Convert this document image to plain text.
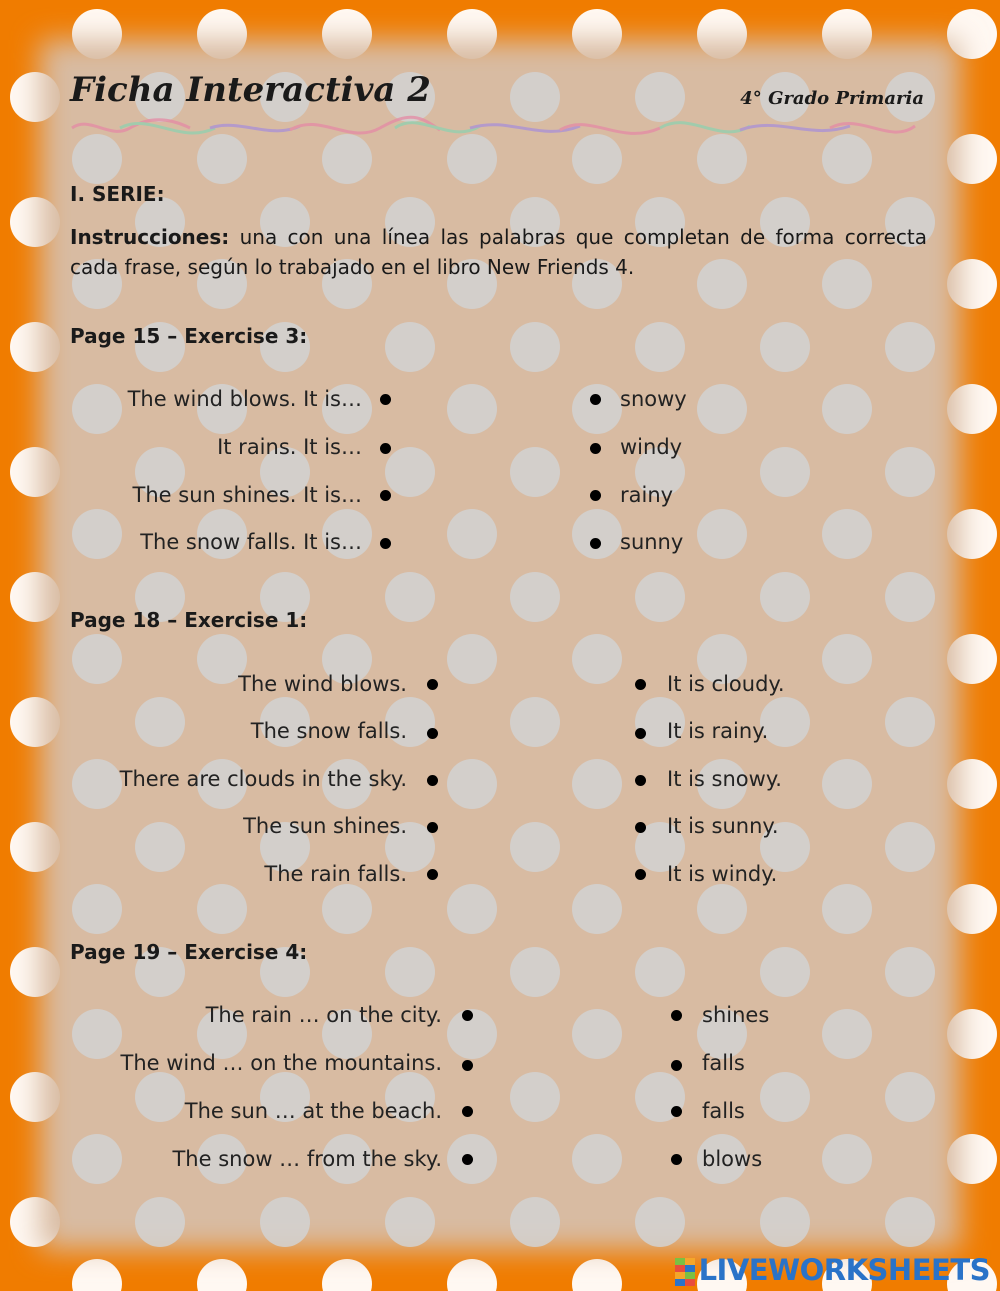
Ficha Interactiva 2	4° Grado Primaria
I. SERIE:
Instrucciones: una con una línea las palabras que completan de forma correcta cada frase, según lo trabajado en el libro New Friends 4.
Page 15 – Exercise 3:
The wind blows. It is…
It rains. It is…
The sun shines. It is…
The snow falls. It is…
snowy
windy
rainy
sunny
Page 18 – Exercise 1:
The wind blows.
The snow falls.
There are clouds in the sky.
The sun shines.
The rain falls.
It is cloudy.
It is rainy.
It is snowy.
It is sunny.
It is windy.
Page 19 – Exercise 4:
The rain … on the city.
The wind … on the mountains.
The sun … at the beach.
The snow … from the sky.
shines
falls
falls
blows
LIVEWORKSHEETS
